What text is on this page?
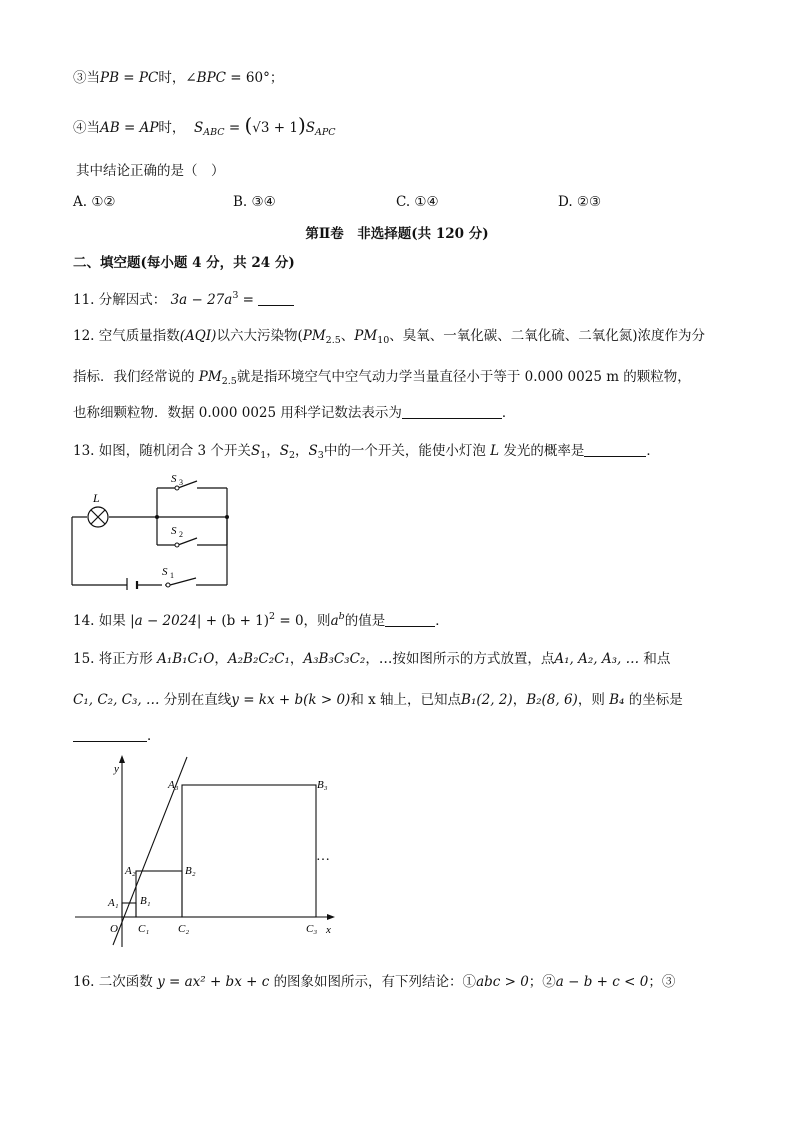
③当PB = PC时，∠BPC = 60°；
④当AB = AP时， $S_{ABC} = (√3 + 1)S_{APC}$
其中结论正确的是（　）
A. ①②	B. ③④	C. ①④	D. ②③
第Ⅱ卷　非选择题(共 120 分)
二、填空题(每小题 4 分，共 24 分)
11. 分解因式： $3a - 27a^3$ =
12. 空气质量指数(AQI)以六大污染物($PM_{2.5}$、$PM_{10}$、臭氧、一氧化碳、二氧化硫、二氧化氮)浓度作为分
指标．我们经常说的 $PM_{2.5}$就是指环境空气中空气动力学当量直径小于等于 0.000 0025 m 的颗粒物，
也称细颗粒物．数据 0.000 0025 用科学记数法表示为	．
13. 如图，随机闭合 3 个开关$S_1$，$S_2$，$S_3$中的一个开关，能使小灯泡 L 发光的概率是	．
L
S 3
S 2
S 1
14. 如果 $|a - 2024| + (b + 1)^2 = 0$，则$a^b$的值是	．
15. 将正方形 A₁B₁C₁O，A₂B₂C₂C₁，A₃B₃C₃C₂，…按如图所示的方式放置，点A₁, A₂, A₃, … 和点
C₁, C₂, C₃, … 分别在直线y = kx + b(k > 0)和 x 轴上，已知点B₁(2, 2)，B₂(8, 6)，则 B₄ 的坐标是
．
y
x
O C₁	C₂	C₃
A₁
A₂
A₃
B₁
B₂
B₃
…
16. 二次函数 y = ax² + bx + c 的图象如图所示，有下列结论：①abc > 0；②a − b + c < 0；③
